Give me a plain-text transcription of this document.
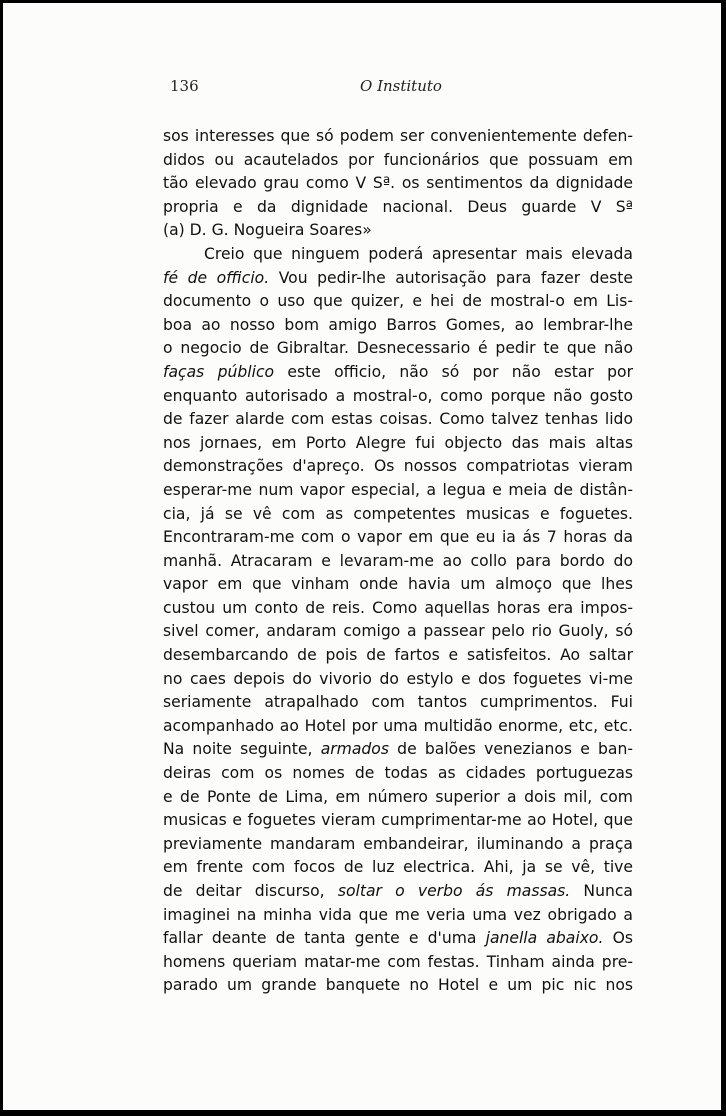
136	O Instituto
sos interesses que só podem ser convenientemente defen-
didos ou acautelados por funcionários que possuam em
tão elevado grau como V Sª. os sentimentos da dignidade
propria e da dignidade nacional. Deus guarde V Sª
(a) D. G. Nogueira Soares»
Creio que ninguem poderá apresentar mais elevada
fé de officio. Vou pedir-lhe autorisação para fazer deste
documento o uso que quizer, e hei de mostral-o em Lis-
boa ao nosso bom amigo Barros Gomes, ao lembrar-lhe
o negocio de Gibraltar. Desnecessario é pedir te que não
faças público este officio, não só por não estar por
enquanto autorisado a mostral-o, como porque não gosto
de fazer alarde com estas coisas. Como talvez tenhas lido
nos jornaes, em Porto Alegre fui objecto das mais altas
demonstrações d'apreço. Os nossos compatriotas vieram
esperar-me num vapor especial, a legua e meia de distân-
cia, já se vê com as competentes musicas e foguetes.
Encontraram-me com o vapor em que eu ia ás 7 horas da
manhã. Atracaram e levaram-me ao collo para bordo do
vapor em que vinham onde havia um almoço que lhes
custou um conto de reis. Como aquellas horas era impos-
sivel comer, andaram comigo a passear pelo rio Guoly, só
desembarcando de pois de fartos e satisfeitos. Ao saltar
no caes depois do vivorio do estylo e dos foguetes vi-me
seriamente atrapalhado com tantos cumprimentos. Fui
acompanhado ao Hotel por uma multidão enorme, etc, etc.
Na noite seguinte, armados de balões venezianos e ban-
deiras com os nomes de todas as cidades portuguezas
e de Ponte de Lima, em número superior a dois mil, com
musicas e foguetes vieram cumprimentar-me ao Hotel, que
previamente mandaram embandeirar, iluminando a praça
em frente com focos de luz electrica. Ahi, ja se vê, tive
de deitar discurso, soltar o verbo ás massas. Nunca
imaginei na minha vida que me veria uma vez obrigado a
fallar deante de tanta gente e d'uma janella abaixo. Os
homens queriam matar-me com festas. Tinham ainda pre-
parado um grande banquete no Hotel e um pic nic nos
